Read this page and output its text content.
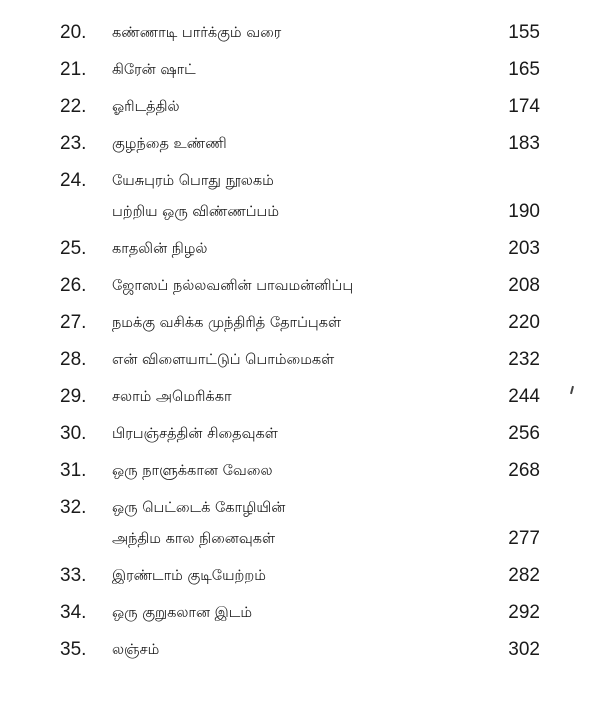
20. கண்ணாடி பார்க்கும் வரை	155
21. கிரேன் ஷாட்	165
22. ஓரிடத்தில்	174
23. குழந்தை உண்ணி	183
24. யேசுபுரம் பொது நூலகம்
பற்றிய ஒரு விண்ணப்பம்	190
25. காதலின் நிழல்	203
26. ஜோஸப் நல்லவனின் பாவமன்னிப்பு	208
27. நமக்கு வசிக்க முந்திரித் தோப்புகள்	220
28. என் விளையாட்டுப் பொம்மைகள்	232
29. சலாம் அமெரிக்கா	244
30. பிரபஞ்சத்தின் சிதைவுகள்	256
31. ஒரு நாளுக்கான வேலை	268
32. ஒரு பெட்டைக் கோழியின்
அந்திம கால நினைவுகள்	277
33. இரண்டாம் குடியேற்றம்	282
34. ஒரு குறுகலான இடம்	292
35. லஞ்சம்	302
